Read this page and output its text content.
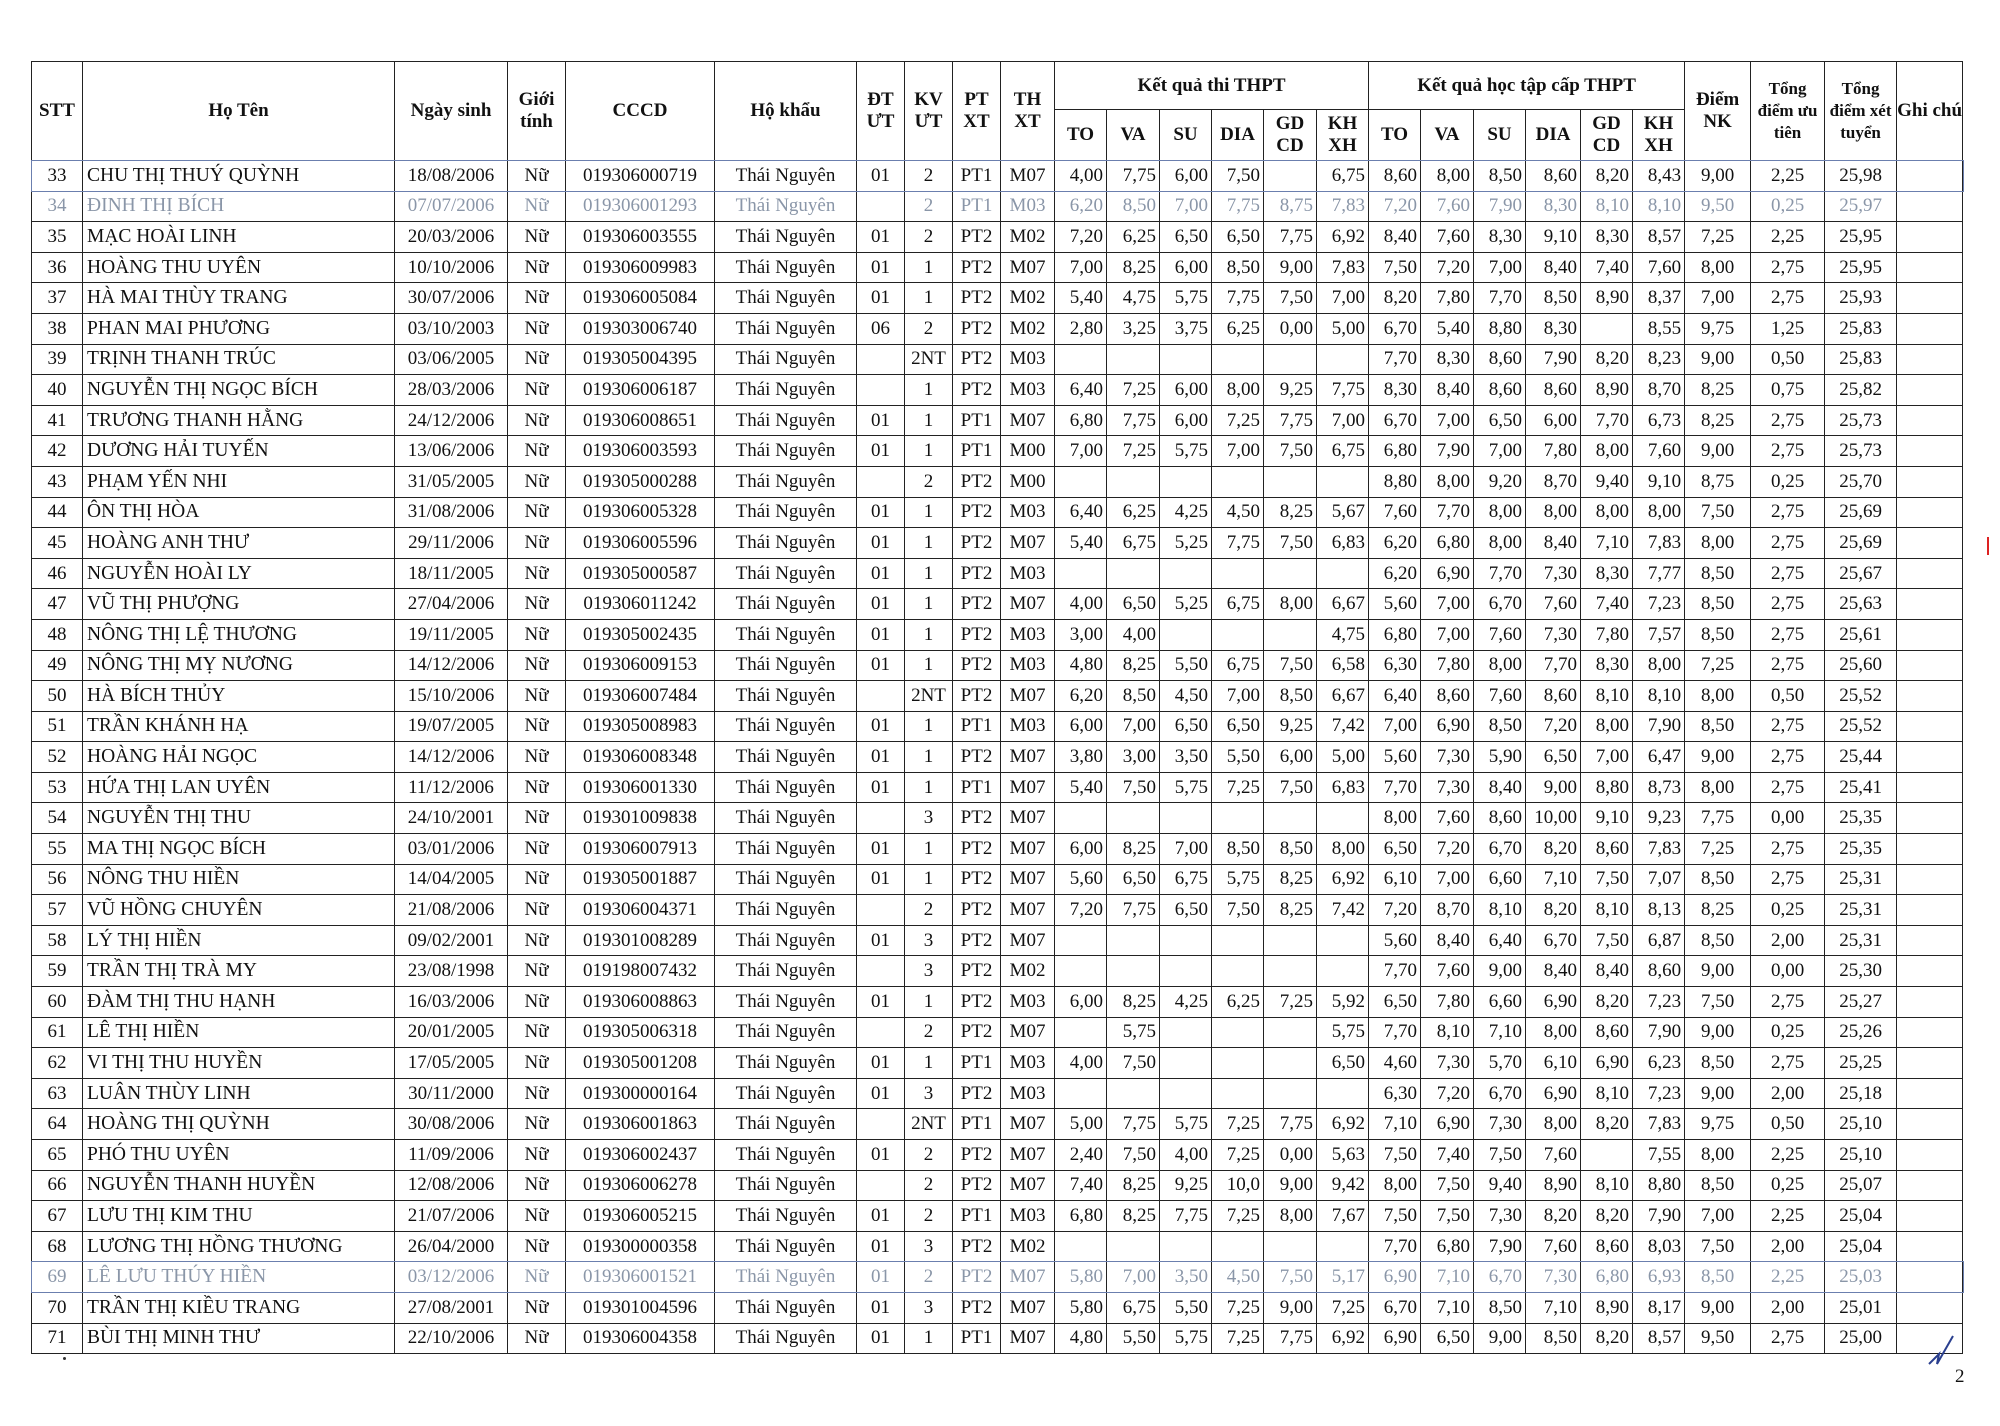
STT	Họ Tên	Ngày sinh	Giới tính	CCCD	Hộ khẩu	ĐT ƯT	KV ƯT	PT XT	TH XT	Kết quả thi THPT						Kết quả học tập cấp THPT						Điểm NK	Tổng điểm ưu tiên	Tổng điểm xét tuyển	Ghi chú
										TO	VA	SU	DIA	GD CD	KH XH	TO	VA	SU	DIA	GD CD	KH XH				
33	CHU THỊ THUÝ QUỲNH	18/08/2006	Nữ	019306000719	Thái Nguyên	01	2	PT1	M07	4,00	7,75	6,00	7,50		6,75	8,60	8,00	8,50	8,60	8,20	8,43	9,00	2,25	25,98	
34	ĐINH THỊ BÍCH	07/07/2006	Nữ	019306001293	Thái Nguyên		2	PT1	M03	6,20	8,50	7,00	7,75	8,75	7,83	7,20	7,60	7,90	8,30	8,10	8,10	9,50	0,25	25,97	
35	MẠC HOÀI LINH	20/03/2006	Nữ	019306003555	Thái Nguyên	01	2	PT2	M02	7,20	6,25	6,50	6,50	7,75	6,92	8,40	7,60	8,30	9,10	8,30	8,57	7,25	2,25	25,95	
36	HOÀNG THU UYÊN	10/10/2006	Nữ	019306009983	Thái Nguyên	01	1	PT2	M07	7,00	8,25	6,00	8,50	9,00	7,83	7,50	7,20	7,00	8,40	7,40	7,60	8,00	2,75	25,95	
37	HÀ MAI THÙY TRANG	30/07/2006	Nữ	019306005084	Thái Nguyên	01	1	PT2	M02	5,40	4,75	5,75	7,75	7,50	7,00	8,20	7,80	7,70	8,50	8,90	8,37	7,00	2,75	25,93	
38	PHAN MAI PHƯƠNG	03/10/2003	Nữ	019303006740	Thái Nguyên	06	2	PT2	M02	2,80	3,25	3,75	6,25	0,00	5,00	6,70	5,40	8,80	8,30		8,55	9,75	1,25	25,83	
39	TRỊNH THANH TRÚC	03/06/2005	Nữ	019305004395	Thái Nguyên		2NT	PT2	M03							7,70	8,30	8,60	7,90	8,20	8,23	9,00	0,50	25,83	
40	NGUYỄN THỊ NGỌC BÍCH	28/03/2006	Nữ	019306006187	Thái Nguyên		1	PT2	M03	6,40	7,25	6,00	8,00	9,25	7,75	8,30	8,40	8,60	8,60	8,90	8,70	8,25	0,75	25,82	
41	TRƯƠNG THANH HẰNG	24/12/2006	Nữ	019306008651	Thái Nguyên	01	1	PT1	M07	6,80	7,75	6,00	7,25	7,75	7,00	6,70	7,00	6,50	6,00	7,70	6,73	8,25	2,75	25,73	
42	DƯƠNG HẢI TUYẾN	13/06/2006	Nữ	019306003593	Thái Nguyên	01	1	PT1	M00	7,00	7,25	5,75	7,00	7,50	6,75	6,80	7,90	7,00	7,80	8,00	7,60	9,00	2,75	25,73	
43	PHẠM YẾN NHI	31/05/2005	Nữ	019305000288	Thái Nguyên		2	PT2	M00							8,80	8,00	9,20	8,70	9,40	9,10	8,75	0,25	25,70	
44	ÔN THỊ HÒA	31/08/2006	Nữ	019306005328	Thái Nguyên	01	1	PT2	M03	6,40	6,25	4,25	4,50	8,25	5,67	7,60	7,70	8,00	8,00	8,00	8,00	7,50	2,75	25,69	
45	HOÀNG ANH THƯ	29/11/2006	Nữ	019306005596	Thái Nguyên	01	1	PT2	M07	5,40	6,75	5,25	7,75	7,50	6,83	6,20	6,80	8,00	8,40	7,10	7,83	8,00	2,75	25,69	
46	NGUYỄN HOÀI LY	18/11/2005	Nữ	019305000587	Thái Nguyên	01	1	PT2	M03							6,20	6,90	7,70	7,30	8,30	7,77	8,50	2,75	25,67	
47	VŨ THỊ PHƯỢNG	27/04/2006	Nữ	019306011242	Thái Nguyên	01	1	PT2	M07	4,00	6,50	5,25	6,75	8,00	6,67	5,60	7,00	6,70	7,60	7,40	7,23	8,50	2,75	25,63	
48	NÔNG THỊ LỆ THƯƠNG	19/11/2005	Nữ	019305002435	Thái Nguyên	01	1	PT2	M03	3,00	4,00				4,75	6,80	7,00	7,60	7,30	7,80	7,57	8,50	2,75	25,61	
49	NÔNG THỊ MỴ NƯƠNG	14/12/2006	Nữ	019306009153	Thái Nguyên	01	1	PT2	M03	4,80	8,25	5,50	6,75	7,50	6,58	6,30	7,80	8,00	7,70	8,30	8,00	7,25	2,75	25,60	
50	HÀ BÍCH THỦY	15/10/2006	Nữ	019306007484	Thái Nguyên		2NT	PT2	M07	6,20	8,50	4,50	7,00	8,50	6,67	6,40	8,60	7,60	8,60	8,10	8,10	8,00	0,50	25,52	
51	TRẦN KHÁNH HẠ	19/07/2005	Nữ	019305008983	Thái Nguyên	01	1	PT1	M03	6,00	7,00	6,50	6,50	9,25	7,42	7,00	6,90	8,50	7,20	8,00	7,90	8,50	2,75	25,52	
52	HOÀNG HẢI NGỌC	14/12/2006	Nữ	019306008348	Thái Nguyên	01	1	PT2	M07	3,80	3,00	3,50	5,50	6,00	5,00	5,60	7,30	5,90	6,50	7,00	6,47	9,00	2,75	25,44	
53	HỨA THỊ LAN UYÊN	11/12/2006	Nữ	019306001330	Thái Nguyên	01	1	PT1	M07	5,40	7,50	5,75	7,25	7,50	6,83	7,70	7,30	8,40	9,00	8,80	8,73	8,00	2,75	25,41	
54	NGUYỄN THỊ THU	24/10/2001	Nữ	019301009838	Thái Nguyên		3	PT2	M07							8,00	7,60	8,60	10,00	9,10	9,23	7,75	0,00	25,35	
55	MA THỊ NGỌC BÍCH	03/01/2006	Nữ	019306007913	Thái Nguyên	01	1	PT2	M07	6,00	8,25	7,00	8,50	8,50	8,00	6,50	7,20	6,70	8,20	8,60	7,83	7,25	2,75	25,35	
56	NÔNG THU HIỀN	14/04/2005	Nữ	019305001887	Thái Nguyên	01	1	PT2	M07	5,60	6,50	6,75	5,75	8,25	6,92	6,10	7,00	6,60	7,10	7,50	7,07	8,50	2,75	25,31	
57	VŨ HỒNG CHUYÊN	21/08/2006	Nữ	019306004371	Thái Nguyên		2	PT2	M07	7,20	7,75	6,50	7,50	8,25	7,42	7,20	8,70	8,10	8,20	8,10	8,13	8,25	0,25	25,31	
58	LÝ THỊ HIỀN	09/02/2001	Nữ	019301008289	Thái Nguyên	01	3	PT2	M07							5,60	8,40	6,40	6,70	7,50	6,87	8,50	2,00	25,31	
59	TRẦN THỊ TRÀ MY	23/08/1998	Nữ	019198007432	Thái Nguyên		3	PT2	M02							7,70	7,60	9,00	8,40	8,40	8,60	9,00	0,00	25,30	
60	ĐÀM THỊ THU HẠNH	16/03/2006	Nữ	019306008863	Thái Nguyên	01	1	PT2	M03	6,00	8,25	4,25	6,25	7,25	5,92	6,50	7,80	6,60	6,90	8,20	7,23	7,50	2,75	25,27	
61	LÊ THỊ HIỀN	20/01/2005	Nữ	019305006318	Thái Nguyên		2	PT2	M07		5,75				5,75	7,70	8,10	7,10	8,00	8,60	7,90	9,00	0,25	25,26	
62	VI THỊ THU HUYỀN	17/05/2005	Nữ	019305001208	Thái Nguyên	01	1	PT1	M03	4,00	7,50				6,50	4,60	7,30	5,70	6,10	6,90	6,23	8,50	2,75	25,25	
63	LUÂN THÙY LINH	30/11/2000	Nữ	019300000164	Thái Nguyên	01	3	PT2	M03							6,30	7,20	6,70	6,90	8,10	7,23	9,00	2,00	25,18	
64	HOÀNG THỊ QUỲNH	30/08/2006	Nữ	019306001863	Thái Nguyên		2NT	PT1	M07	5,00	7,75	5,75	7,25	7,75	6,92	7,10	6,90	7,30	8,00	8,20	7,83	9,75	0,50	25,10	
65	PHÓ THU UYÊN	11/09/2006	Nữ	019306002437	Thái Nguyên	01	2	PT2	M07	2,40	7,50	4,00	7,25	0,00	5,63	7,50	7,40	7,50	7,60		7,55	8,00	2,25	25,10	
66	NGUYỄN THANH HUYỀN	12/08/2006	Nữ	019306006278	Thái Nguyên		2	PT2	M07	7,40	8,25	9,25	10,0	9,00	9,42	8,00	7,50	9,40	8,90	8,10	8,80	8,50	0,25	25,07	
67	LƯU THỊ KIM THU	21/07/2006	Nữ	019306005215	Thái Nguyên	01	2	PT1	M03	6,80	8,25	7,75	7,25	8,00	7,67	7,50	7,50	7,30	8,20	8,20	7,90	7,00	2,25	25,04	
68	LƯƠNG THỊ HỒNG THƯƠNG	26/04/2000	Nữ	019300000358	Thái Nguyên	01	3	PT2	M02							7,70	6,80	7,90	7,60	8,60	8,03	7,50	2,00	25,04	
69	LÊ LƯU THÚY HIỀN	03/12/2006	Nữ	019306001521	Thái Nguyên	01	2	PT2	M07	5,80	7,00	3,50	4,50	7,50	5,17	6,90	7,10	6,70	7,30	6,80	6,93	8,50	2,25	25,03	
70	TRẦN THỊ KIỀU TRANG	27/08/2001	Nữ	019301004596	Thái Nguyên	01	3	PT2	M07	5,80	6,75	5,50	7,25	9,00	7,25	6,70	7,10	8,50	7,10	8,90	8,17	9,00	2,00	25,01	
71	BÙI THỊ MINH THƯ	22/10/2006	Nữ	019306004358	Thái Nguyên	01	1	PT1	M07	4,80	5,50	5,75	7,25	7,75	6,92	6,90	6,50	9,00	8,50	8,20	8,57	9,50	2,75	25,00	
2
